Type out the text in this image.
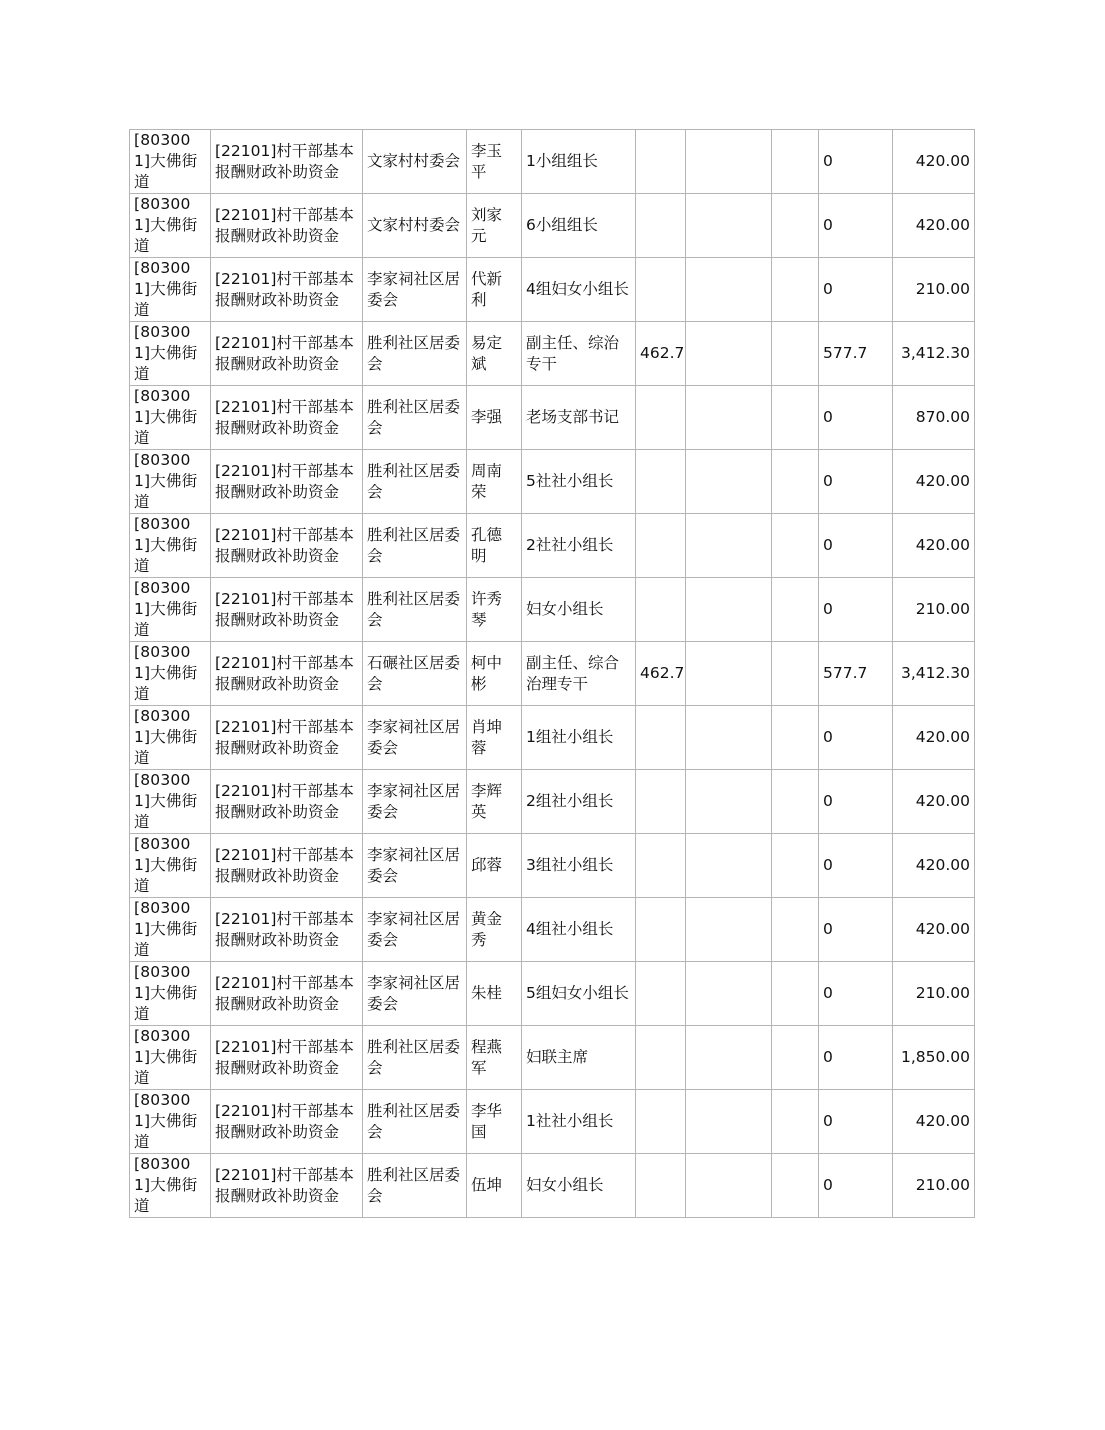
[803001]大佛街道	[22101]村干部基本报酬财政补助资金	文家村村委会	李玉平	1小组组长				0	420.00
[803001]大佛街道	[22101]村干部基本报酬财政补助资金	文家村村委会	刘家元	6小组组长				0	420.00
[803001]大佛街道	[22101]村干部基本报酬财政补助资金	李家祠社区居委会	代新利	4组妇女小组长				0	210.00
[803001]大佛街道	[22101]村干部基本报酬财政补助资金	胜利社区居委会	易定斌	副主任、综治专干	462.7			577.7	3,412.30
[803001]大佛街道	[22101]村干部基本报酬财政补助资金	胜利社区居委会	李强	老场支部书记				0	870.00
[803001]大佛街道	[22101]村干部基本报酬财政补助资金	胜利社区居委会	周南荣	5社社小组长				0	420.00
[803001]大佛街道	[22101]村干部基本报酬财政补助资金	胜利社区居委会	孔德明	2社社小组长				0	420.00
[803001]大佛街道	[22101]村干部基本报酬财政补助资金	胜利社区居委会	许秀琴	妇女小组长				0	210.00
[803001]大佛街道	[22101]村干部基本报酬财政补助资金	石碾社区居委会	柯中彬	副主任、综合治理专干	462.7			577.7	3,412.30
[803001]大佛街道	[22101]村干部基本报酬财政补助资金	李家祠社区居委会	肖坤蓉	1组社小组长				0	420.00
[803001]大佛街道	[22101]村干部基本报酬财政补助资金	李家祠社区居委会	李辉英	2组社小组长				0	420.00
[803001]大佛街道	[22101]村干部基本报酬财政补助资金	李家祠社区居委会	邱蓉	3组社小组长				0	420.00
[803001]大佛街道	[22101]村干部基本报酬财政补助资金	李家祠社区居委会	黄金秀	4组社小组长				0	420.00
[803001]大佛街道	[22101]村干部基本报酬财政补助资金	李家祠社区居委会	朱桂	5组妇女小组长				0	210.00
[803001]大佛街道	[22101]村干部基本报酬财政补助资金	胜利社区居委会	程燕军	妇联主席				0	1,850.00
[803001]大佛街道	[22101]村干部基本报酬财政补助资金	胜利社区居委会	李华国	1社社小组长				0	420.00
[803001]大佛街道	[22101]村干部基本报酬财政补助资金	胜利社区居委会	伍坤	妇女小组长				0	210.00
